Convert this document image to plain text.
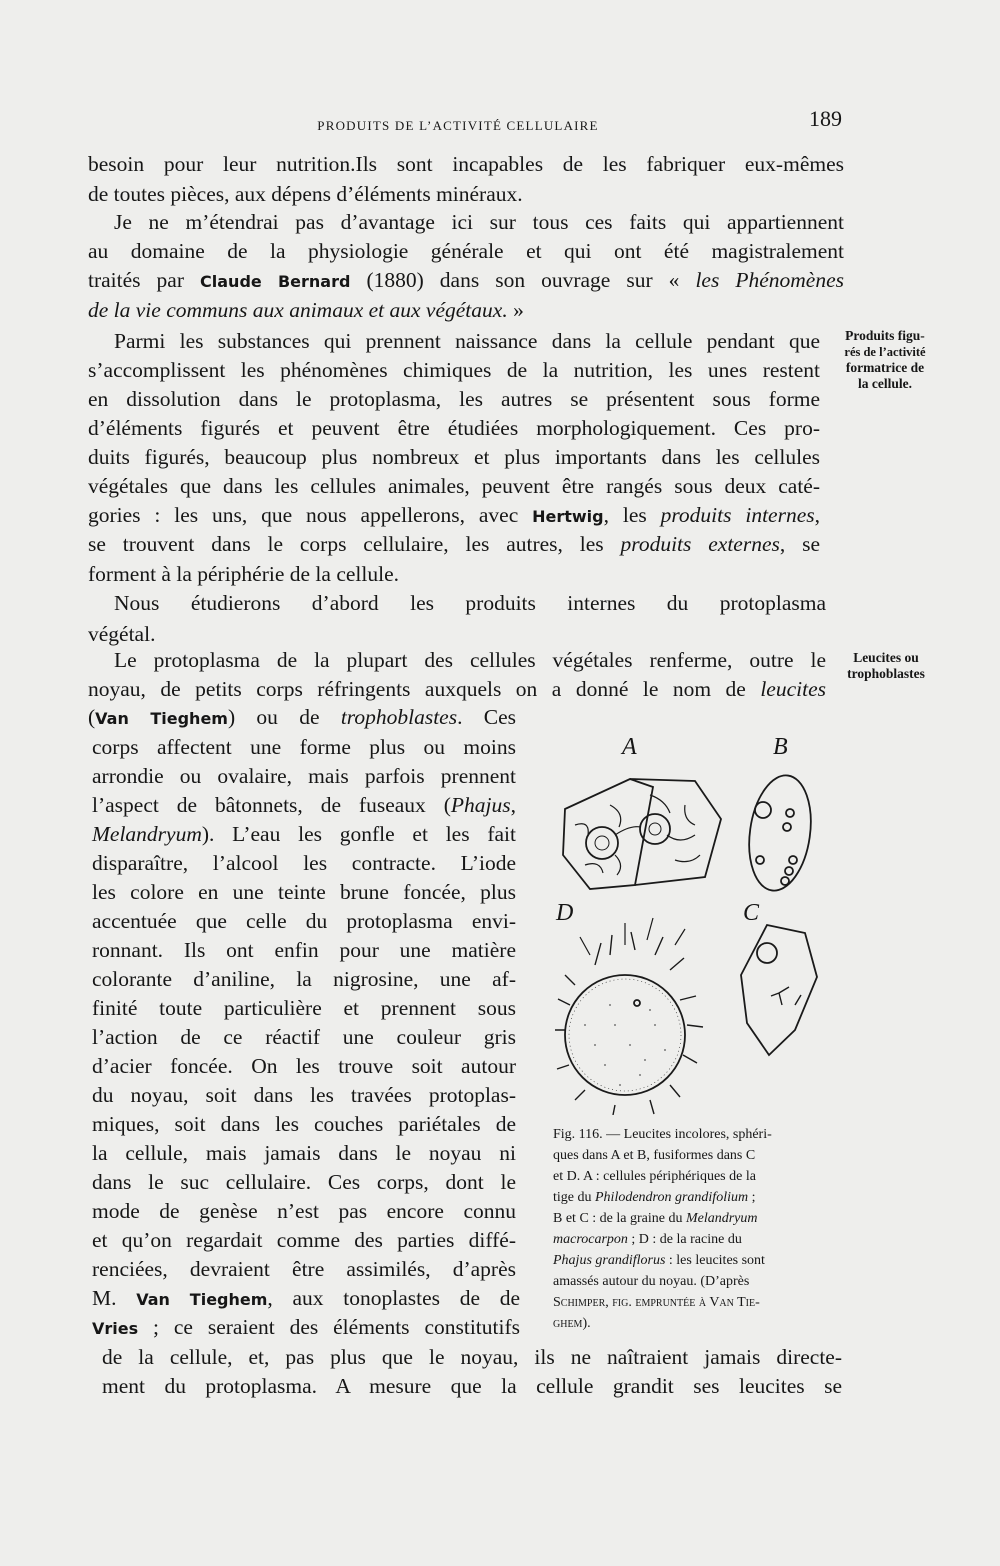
PRODUITS DE L’ACTIVITÉ CELLULAIRE	189
besoin pour leur nutrition.Ils sont incapables de les fabriquer eux-mêmes
de toutes pièces, aux dépens d’éléments minéraux.
Je ne m’étendrai pas d’avantage ici sur tous ces faits qui appartiennent
au domaine de la physiologie générale et qui ont été magistralement
traités par Claude Bernard (1880) dans son ouvrage sur « les Phénomènes
de la vie communs aux animaux et aux végétaux. »
Parmi les substances qui prennent naissance dans la cellule pendant que
s’accomplissent les phénomènes chimiques de la nutrition, les unes restent
en dissolution dans le protoplasma, les autres se présentent sous forme
d’éléments figurés et peuvent être étudiées morphologiquement. Ces pro-
duits figurés, beaucoup plus nombreux et plus importants dans les cellules
végétales que dans les cellules animales, peuvent être rangés sous deux caté-
gories : les uns, que nous appellerons, avec Hertwig, les produits internes,
se trouvent dans le corps cellulaire, les autres, les produits externes, se
forment à la périphérie de la cellule.
Nous étudierons d’abord les produits internes du protoplasma
végétal.
Le protoplasma de la plupart des cellules végétales renferme, outre le
noyau, de petits corps réfringents auxquels on a donné le nom de leucites
(Van Tieghem) ou de trophoblastes. Ces
corps affectent une forme plus ou moins
arrondie ou ovalaire, mais parfois prennent
l’aspect de bâtonnets, de fuseaux (Phajus,
Melandryum). L’eau les gonfle et les fait
disparaître, l’alcool les contracte. L’iode
les colore en une teinte brune foncée, plus
accentuée que celle du protoplasma envi-
ronnant. Ils ont enfin pour une matière
colorante d’aniline, la nigrosine, une af-
finité toute particulière et prennent sous
l’action de ce réactif une couleur gris
d’acier foncée. On les trouve soit autour
du noyau, soit dans les travées protoplas-
miques, soit dans les couches pariétales de
la cellule, mais jamais dans le noyau ni
dans le suc cellulaire. Ces corps, dont le
mode de genèse n’est pas encore connu
et qu’on regardait comme des parties diffé-
renciées, devraient être assimilés, d’après
M. Van Tieghem, aux tonoplastes de de
Vries ; ce seraient des éléments constitutifs
de la cellule, et, pas plus que le noyau, ils ne naîtraient jamais directe-
ment du protoplasma. A mesure que la cellule grandit ses leucites se
Produits figu-
rés de l’activité
formatrice de
la cellule.
Leucites ou
trophoblastes
A	B
C
D
Fig. 116. — Leucites incolores, sphéri-
ques dans A et B, fusiformes dans C
et D. A : cellules périphériques de la
tige du Philodendron grandifolium ;
B et C : de la graine du Melandryum
macrocarpon ; D : de la racine du
Phajus grandiflorus : les leucites sont
amassés autour du noyau. (D’après
Schimper, fig. empruntée à Van Tie-
ghem).
